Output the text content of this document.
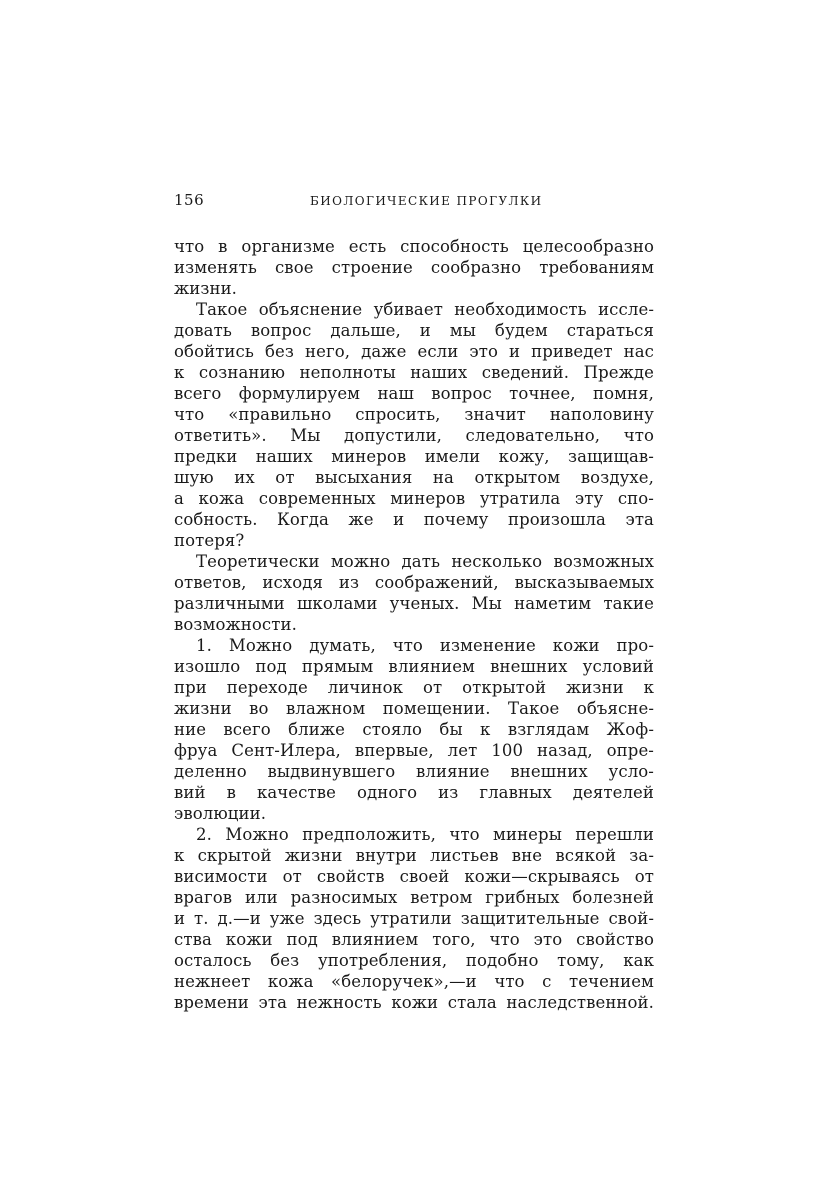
156	БИОЛОГИЧЕСКИЕ ПРОГУЛКИ
что в организме есть способность целесообразно
изменять свое строение сообразно требованиям
жизни.
Такое объяснение убивает необходимость иссле-
довать вопрос дальше, и мы будем стараться
обойтись без него, даже если это и приведет нас
к сознанию неполноты наших сведений. Прежде
всего формулируем наш вопрос точнее, помня,
что «правильно спросить, значит наполовину
ответить». Мы допустили, следовательно, что
предки наших минеров имели кожу, защищав-
шую их от высыхания на открытом воздухе,
а кожа современных минеров утратила эту спо-
собность. Когда же и почему произошла эта
потеря?
Теоретически можно дать несколько возможных
ответов, исходя из соображений, высказываемых
различными школами ученых. Мы наметим такие
возможности.
1. Можно думать, что изменение кожи про-
изошло под прямым влиянием внешних условий
при переходе личинок от открытой жизни к
жизни во влажном помещении. Такое объясне-
ние всего ближе стояло бы к взглядам Жоф-
фруа Сент-Илера, впервые, лет 100 назад, опре-
деленно выдвинувшего влияние внешних усло-
вий в качестве одного из главных деятелей
эволюции.
2. Можно предположить, что минеры перешли
к скрытой жизни внутри листьев вне всякой за-
висимости от свойств своей кожи—скрываясь от
врагов или разносимых ветром грибных болезней
и т. д.—и уже здесь утратили защитительные свой-
ства кожи под влиянием того, что это свойство
осталось без употребления, подобно тому, как
нежнеет кожа «белоручек»,—и что с течением
времени эта нежность кожи стала наследственной.
